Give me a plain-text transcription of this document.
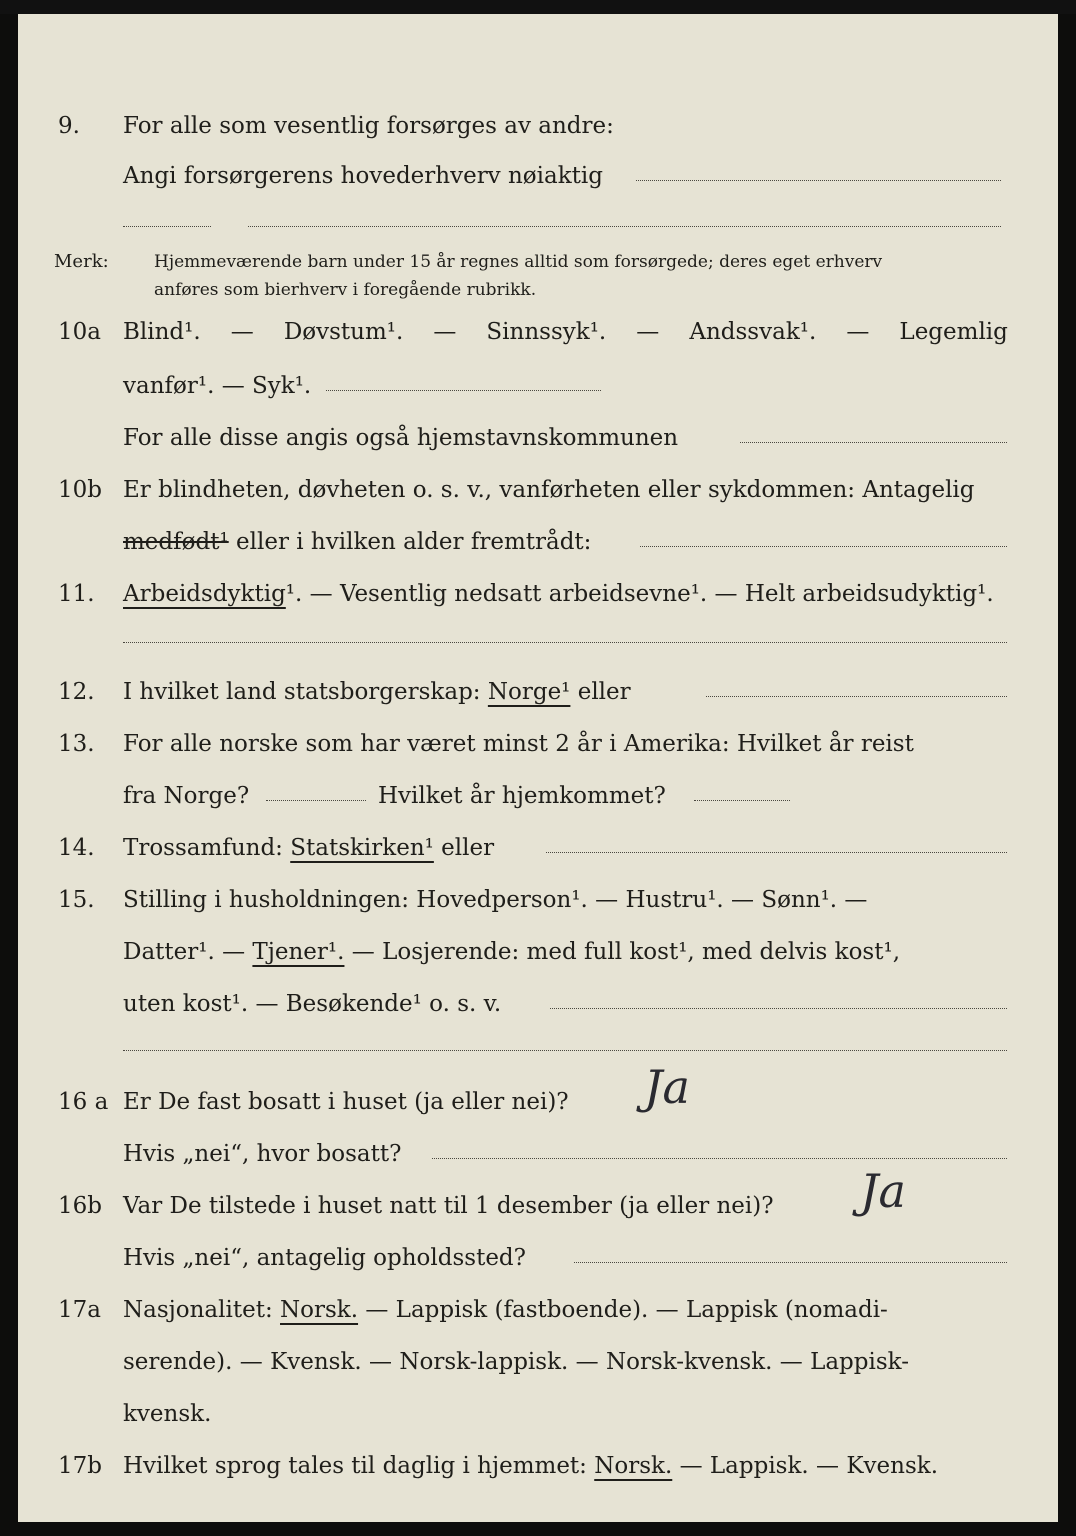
9. For alle som vesentlig forsørges av andre:
Angi forsørgerens hovederhverv nøiaktig
Merk:	Hjemmeværende barn under 15 år regnes alltid som forsørgede; deres eget erhverv
anføres som bierhverv i foregående rubrikk.
10a Blind¹. — Døvstum¹. — Sinnssyk¹. — Andssvak¹. — Legemlig
vanfør¹. — Syk¹.
For alle disse angis også hjemstavnskommunen
10b Er blindheten, døvheten o. s. v., vanførheten eller sykdommen: Antagelig
medfødt¹ eller i hvilken alder fremtrådt:
11. Arbeidsdyktig¹. — Vesentlig nedsatt arbeidsevne¹. — Helt arbeidsudyktig¹.
12. I hvilket land statsborgerskap: Norge¹ eller
13. For alle norske som har været minst 2 år i Amerika: Hvilket år reist
fra Norge?	Hvilket år hjemkommet?
14. Trossamfund: Statskirken¹ eller
15. Stilling i husholdningen: Hovedperson¹. — Hustru¹. — Sønn¹. —
Datter¹. — Tjener¹. — Losjerende: med full kost¹, med delvis kost¹,
uten kost¹. — Besøkende¹ o. s. v.
16 a Er De fast bosatt i huset (ja eller nei)? Ja
Hvis „nei“, hvor bosatt?
16b Var De tilstede i huset natt til 1 desember (ja eller nei)? Ja
Hvis „nei“, antagelig opholdssted?
17a Nasjonalitet: Norsk. — Lappisk (fastboende). — Lappisk (nomadi-
serende). — Kvensk. — Norsk-lappisk. — Norsk-kvensk. — Lappisk-
kvensk.
17b Hvilket sprog tales til daglig i hjemmet: Norsk. — Lappisk. — Kvensk.
